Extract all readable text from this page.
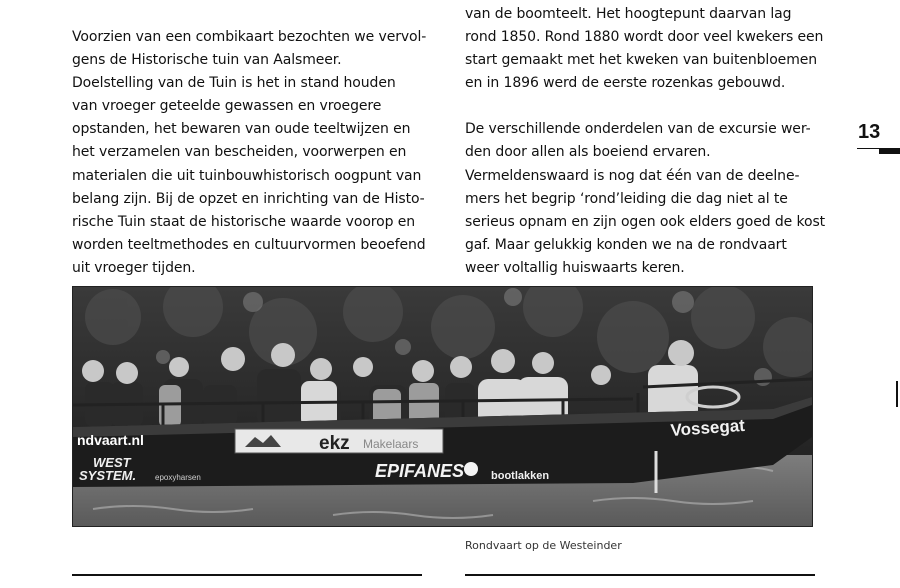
Voorzien van een combikaart bezochten we vervol-
gens de Historische tuin van Aalsmeer.
Doelstelling van de Tuin is het in stand houden
van vroeger geteelde gewassen en vroegere
opstanden, het bewaren van oude teeltwijzen en
het verzamelen van bescheiden, voorwerpen en
materialen die uit tuinbouwhistorisch oogpunt van
belang zijn. Bij de opzet en inrichting van de Histo-
rische Tuin staat de historische waarde voorop en
worden teeltmethodes en cultuurvormen beoefend
uit vroeger tijden.

van de boomteelt. Het hoogtepunt daarvan lag
rond 1850. Rond 1880 wordt door veel kwekers een
start gemaakt met het kweken van buitenbloemen
en in 1896 werd de eerste rozenkas gebouwd.

De verschillende onderdelen van de excursie wer-
den door allen als boeiend ervaren.
Vermeldenswaard is nog dat één van de deelne-
mers het begrip ‘rond’leiding die dag niet al te
serieus opnam en zijn ogen ook elders goed de kost
gaf. Maar gelukkig konden we na de rondvaart
weer voltallig huiswaarts keren.

13
ndvaart.nl	ekz Makelaars
Vossegat
WEST
SYSTEM. epoxyharsen	EPIFANES bootlakken
Rondvaart op de Westeinder
